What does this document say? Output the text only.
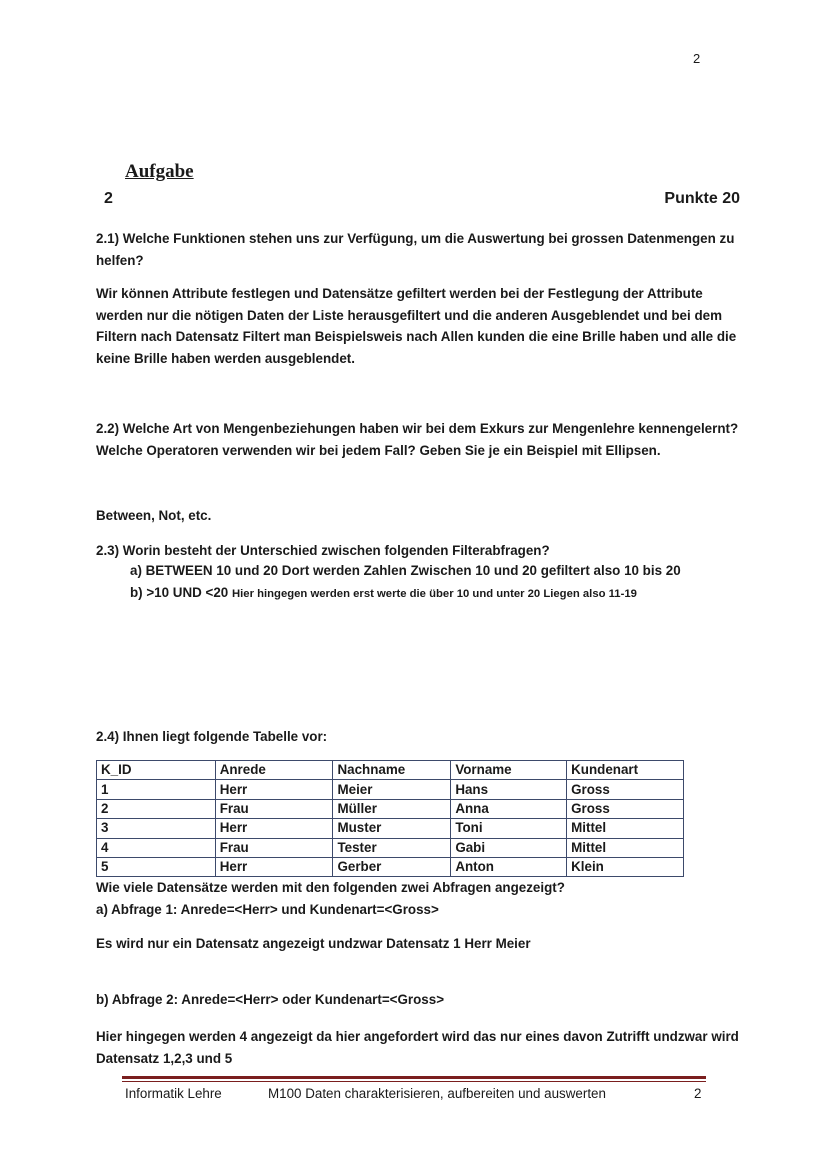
2
Aufgabe
2	Punkte 20
2.1) Welche Funktionen stehen uns zur Verfügung, um die Auswertung bei grossen Datenmengen zu helfen?
Wir können Attribute festlegen und Datensätze gefiltert werden bei der Festlegung der Attribute werden nur die nötigen Daten der Liste herausgefiltert und die anderen Ausgeblendet und bei dem Filtern nach Datensatz Filtert man Beispielsweis nach Allen kunden die eine Brille haben und alle die keine Brille haben werden ausgeblendet.
2.2) Welche Art von Mengenbeziehungen haben wir bei dem Exkurs zur Mengenlehre kennengelernt? Welche Operatoren verwenden wir bei jedem Fall? Geben Sie je ein Beispiel mit Ellipsen.
Between, Not, etc.
2.3) Worin besteht der Unterschied zwischen folgenden Filterabfragen?
a) BETWEEN 10 und 20 Dort werden Zahlen Zwischen 10 und 20 gefiltert also 10 bis 20
b) >10 UND <20 Hier hingegen werden erst werte die über 10 und unter 20 Liegen also 11-19
2.4) Ihnen liegt folgende Tabelle vor:
K_ID	Anrede	Nachname	Vorname	Kundenart
1	Herr	Meier	Hans	Gross
2	Frau	Müller	Anna	Gross
3	Herr	Muster	Toni	Mittel
4	Frau	Tester	Gabi	Mittel
5	Herr	Gerber	Anton	Klein
Wie viele Datensätze werden mit den folgenden zwei Abfragen angezeigt?
a) Abfrage 1: Anrede=<Herr> und Kundenart=<Gross>
Es wird nur ein Datensatz angezeigt undzwar Datensatz 1 Herr Meier
b) Abfrage 2: Anrede=<Herr> oder Kundenart=<Gross>
Hier hingegen werden 4 angezeigt da hier angefordert wird das nur eines davon Zutrifft undzwar wird Datensatz 1,2,3 und 5
Informatik Lehre	M100 Daten charakterisieren, aufbereiten und auswerten	2
